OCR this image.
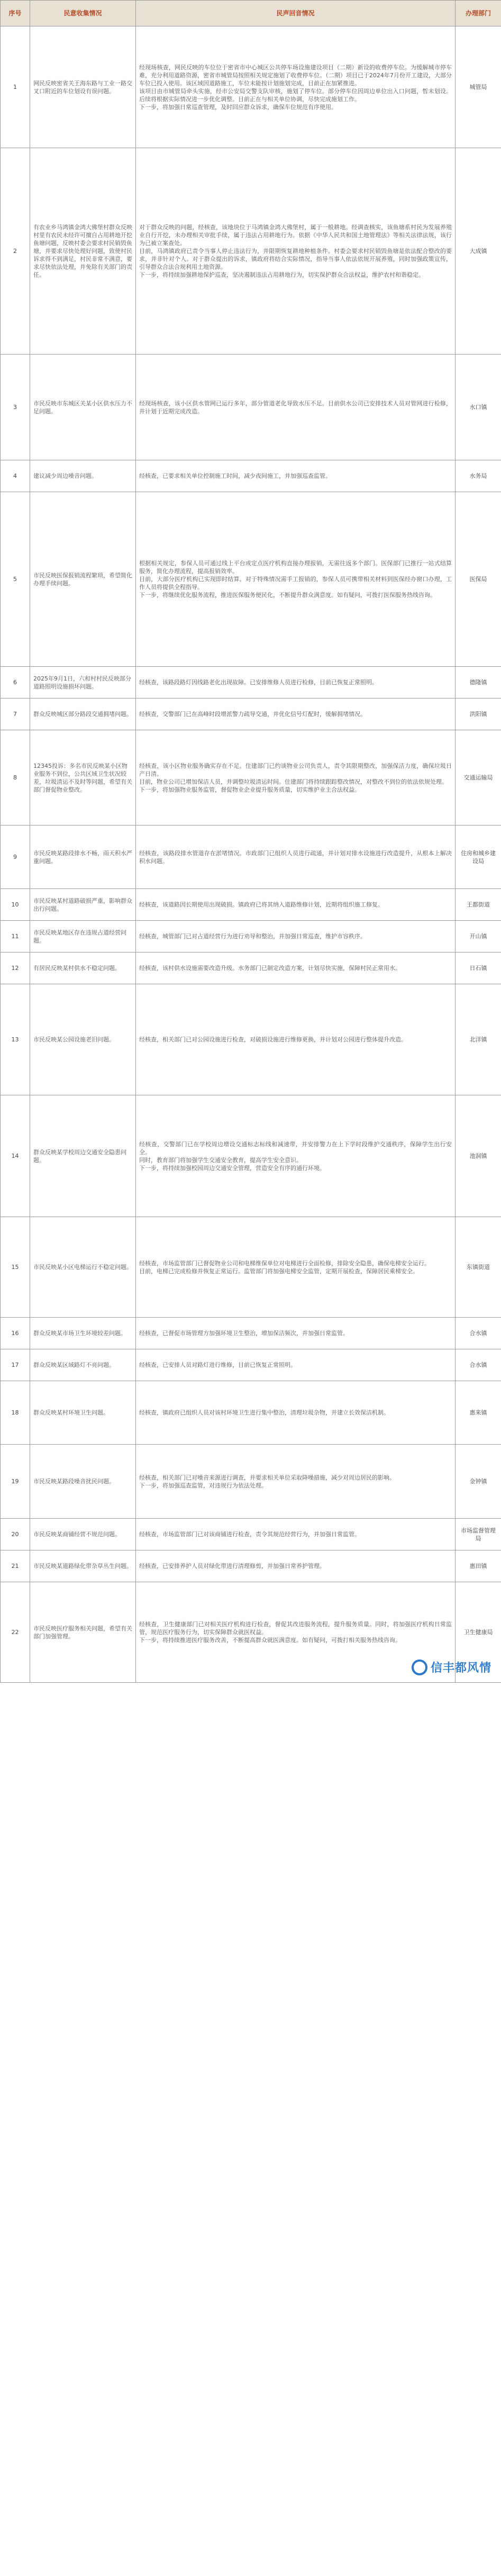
序号	民意收集情况	民声回音情况	办理部门
1	网民反映密省关王海东路与工业一路交叉口附近的车位划设有误问题。	经现场核查，网民反映的车位位于密省市中心城区公共停车场设施建设项目（二期）新设的收费停车位。为缓解城市停车难，充分利用道路资源，密省市城管局按照相关规定施划了收费停车位。（二期）项目已于2024年7月份开工建设，大部分车位已投入使用。该区域因道路施工，车位未能按计划施划完成，目前正在加紧推进。
该项目由市城管局牵头实施，经市公安局交警支队审核，施划了停车位。部分停车位因周边单位出入口问题，暂未划设。后续将根据实际情况进一步优化调整。目前正在与相关单位协调，尽快完成施划工作。
下一步，将加强日常巡查管理，及时回应群众诉求，确保车位规范有序使用。	城管局
2	有农业乡马鸿镇金鸿大佛堡村群众反映村里有农民未经许可擅自占用耕地开挖鱼塘问题，反映村委会要求村民销毁鱼塘，并要求尽快处理好问题，致使村民诉求得不到满足，村民非常不满意，要求尽快依法处理，并免除有关部门的责任。	对于群众反映的问题，经核查，该地块位于马鸿镇金鸿大佛堡村，属于一般耕地。经调查核实，该鱼塘系村民为发展养殖业自行开挖，未办理相关审批手续，属于违法占用耕地行为。依据《中华人民共和国土地管理法》等相关法律法规，该行为已被立案查处。
目前，马鸿镇政府已责令当事人停止违法行为，并限期恢复耕地种植条件。村委会要求村民销毁鱼塘是依法配合整改的要求，并非针对个人。对于群众提出的诉求，镇政府将结合实际情况，指导当事人依法依规开展养殖，同时加强政策宣传，引导群众合法合规利用土地资源。
下一步，将持续加强耕地保护巡查，坚决遏制违法占用耕地行为，切实保护群众合法权益，维护农村和谐稳定。	大成镇
3	市民反映市东城区关某小区供水压力不足问题。	经现场核查，该小区供水管网已运行多年，部分管道老化导致水压不足。目前供水公司已安排技术人员对管网进行检修，并计划于近期完成改造。	水口镇
4	建议减少周边噪音问题。	经核查，已要求相关单位控制施工时间，减少夜间施工，并加强巡查监管。	水务局
5	市民反映医保报销流程繁琐，希望简化办理手续问题。	根据相关规定，参保人员可通过线上平台或定点医疗机构直接办理报销，无需往返多个部门。医保部门已推行一站式结算服务，简化办理流程，提高报销效率。
目前，大部分医疗机构已实现即时结算。对于特殊情况需手工报销的，参保人员可携带相关材料到医保经办窗口办理，工作人员将提供全程指导。
下一步，将继续优化服务流程，推进医保服务便民化，不断提升群众满意度。如有疑问，可拨打医保服务热线咨询。	医保局
6	2025年9月1日，六和村村民反映部分道路照明设施损坏问题。	经核查，该路段路灯因线路老化出现故障。已安排维修人员进行检修，目前已恢复正常照明。	德隆镇
7	群众反映城区部分路段交通拥堵问题。	经核查，交警部门已在高峰时段增派警力疏导交通，并优化信号灯配时，缓解拥堵情况。	洪阳镇
8	12345投诉：多名市民反映某小区物业服务不到位，公共区域卫生状况较差，垃圾清运不及时等问题，希望有关部门督促物业整改。	经核查，该小区物业服务确实存在不足。住建部门已约谈物业公司负责人，责令其限期整改，加强保洁力度，确保垃圾日产日清。
目前，物业公司已增加保洁人员，并调整垃圾清运时间。住建部门将持续跟踪整改情况，对整改不到位的依法依规处理。
下一步，将加强物业服务监管，督促物业企业提升服务质量，切实维护业主合法权益。	交通运输局
9	市民反映某路段排水不畅，雨天积水严重问题。	经核查，该路段排水管道存在淤堵情况。市政部门已组织人员进行疏通，并计划对排水设施进行改造提升，从根本上解决积水问题。	住房和城乡建设局
10	市民反映某村道路破损严重，影响群众出行问题。	经核查，该道路因长期使用出现破损。镇政府已将其纳入道路维修计划，近期将组织施工修复。	王都街道
11	市民反映某地区存在违规占道经营问题。	经核查，城管部门已对占道经营行为进行劝导和整治，并加强日常巡查，维护市容秩序。	开山镇
12	有居民反映某村供水不稳定问题。	经核查，该村供水设施需要改造升级。水务部门已制定改造方案，计划尽快实施，保障村民正常用水。	日石镇
13	市民反映某公园设施老旧问题。	经核查，相关部门已对公园设施进行检查，对破损设施进行维修更换，并计划对公园进行整体提升改造。	北洋镇
14	群众反映某学校周边交通安全隐患问题。	经核查，交警部门已在学校周边增设交通标志标线和减速带，并安排警力在上下学时段维护交通秩序，保障学生出行安全。
同时，教育部门将加强学生交通安全教育，提高学生安全意识。
下一步，将持续加强校园周边交通安全管理，营造安全有序的通行环境。	池洞镇
15	市民反映某小区电梯运行不稳定问题。	经核查，市场监管部门已督促物业公司和电梯维保单位对电梯进行全面检修，排除安全隐患，确保电梯安全运行。
目前，电梯已完成检修并恢复正常运行。监管部门将加强电梯安全监管，定期开展检查，保障居民乘梯安全。	东镇街道
16	群众反映某市场卫生环境较差问题。	经核查，已督促市场管理方加强环境卫生整治，增加保洁频次，并加强日常监管。	合水镇
17	群众反映某区域路灯不亮问题。	经核查，已安排人员对路灯进行维修，目前已恢复正常照明。	合水镇
18	群众反映某村环境卫生问题。	经核查，镇政府已组织人员对该村环境卫生进行集中整治，清理垃圾杂物，并建立长效保洁机制。	惠来镇
19	市民反映某路段噪音扰民问题。	经核查，相关部门已对噪音来源进行调查，并要求相关单位采取降噪措施，减少对周边居民的影响。
下一步，将加强巡查监管，对违规行为依法处理。	金钟镇
20	市民反映某商铺经营不规范问题。	经核查，市场监管部门已对该商铺进行检查，责令其规范经营行为，并加强日常监管。	市场监督管理局
21	市民反映某道路绿化带杂草丛生问题。	经核查，已安排养护人员对绿化带进行清理修剪，并加强日常养护管理。	惠田镇
22	市民反映医疗服务相关问题，希望有关部门加强管理。	经核查，卫生健康部门已对相关医疗机构进行检查，督促其改进服务流程，提升服务质量。同时，将加强医疗机构日常监管，规范医疗服务行为，切实保障群众就医权益。
下一步，将持续推进医疗服务改善，不断提高群众就医满意度。如有疑问，可拨打相关服务热线咨询。	卫生健康局
信丰都风情
